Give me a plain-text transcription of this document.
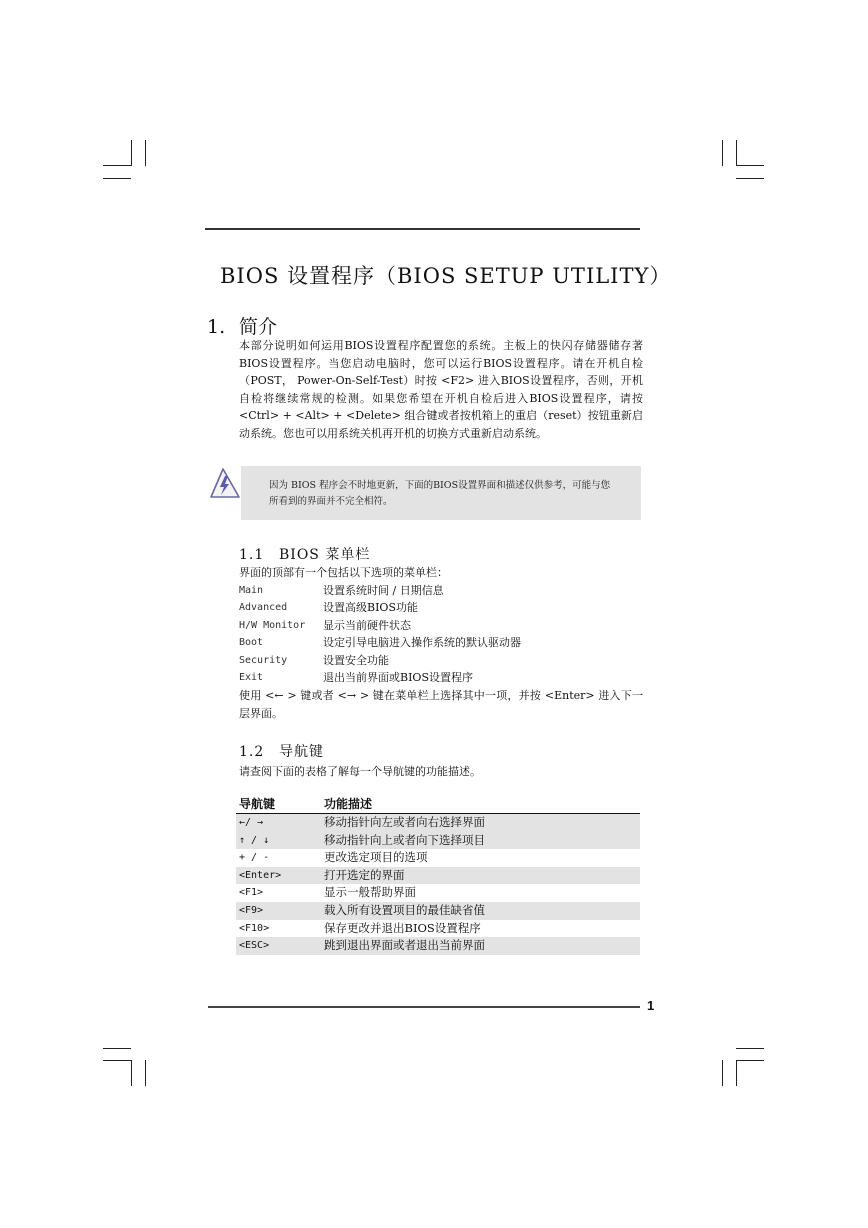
BIOS 设置程序（BIOS SETUP UTILITY）
1. 简介
本部分说明如何运用BIOS设置程序配置您的系统。主板上的快闪存储器储存著BIOS设置程序。当您启动电脑时，您可以运行BIOS设置程序。请在开机自检（POST， Power-On-Self-Test）时按 <F2> 进入BIOS设置程序，否则，开机自检将继续常规的检测。如果您希望在开机自检后进入BIOS设置程序，请按 <Ctrl> + <Alt> + <Delete> 组合键或者按机箱上的重启（reset）按钮重新启动系统。您也可以用系统关机再开机的切换方式重新启动系统。
因为 BIOS 程序会不时地更新，下面的BIOS设置界面和描述仅供参考，可能与您所看到的界面并不完全相符。
1.1 BIOS 菜单栏
界面的顶部有一个包括以下选项的菜单栏：
Main	设置系统时间 / 日期信息
Advanced	设置高级BIOS功能
H/W Monitor	显示当前硬件状态
Boot	设定引导电脑进入操作系统的默认驱动器
Security	设置安全功能
Exit	退出当前界面或BIOS设置程序
使用 <← > 键或者 <→ > 键在菜单栏上选择其中一项，并按 <Enter> 进入下一层界面。
1.2 导航键
请查阅下面的表格了解每一个导航键的功能描述。
导航键	功能描述
←/ →	移动指针向左或者向右选择界面
↑ / ↓	移动指针向上或者向下选择项目
+ / -	更改选定项目的选项
<Enter>	打开选定的界面
<F1>	显示一般帮助界面
<F9>	载入所有设置项目的最佳缺省值
<F10>	保存更改并退出BIOS设置程序
<ESC>	跳到退出界面或者退出当前界面
1
